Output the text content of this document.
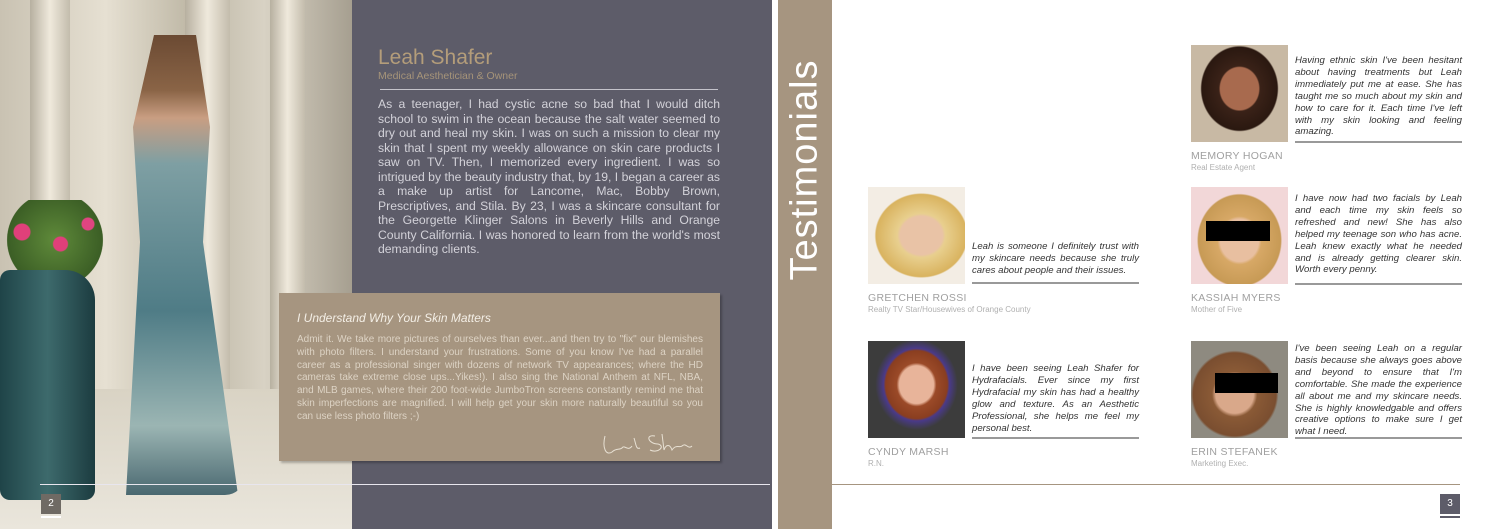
Leah Shafer
Medical Aesthetician & Owner
As a teenager, I had cystic acne so bad that I would ditch school to swim in the ocean because the salt water seemed to dry out and heal my skin. I was on such a mission to clear my skin that I spent my weekly allowance on skin care products I saw on TV. Then, I memorized every ingredient. I was so intrigued by the beauty industry that, by 19, I began a career as a make up artist for Lancome, Mac, Bobby Brown, Prescriptives, and Stila. By 23, I was a skincare consultant for the Georgette Klinger Salons in Beverly Hills and Orange County California. I was honored to learn from the world's most demanding clients.
I Understand Why Your Skin Matters
Admit it. We take more pictures of ourselves than ever...and then try to "fix" our blemishes with photo filters. I understand your frustrations. Some of you know I've had a parallel career as a professional singer with dozens of network TV appearances; where the HD cameras take extreme close ups...Yikes!). I also sing the National Anthem at NFL, NBA, and MLB games, where their 200 foot-wide JumboTron screens constantly remind me that skin imperfections are magnified. I will help get your skin more naturally beautiful so you can use less photo filters ;-)
2
Testimonials	Having ethnic skin I've been hesitant about having treatments but Leah immediately put me at ease. She has taught me so much about my skin and how to care for it. Each time I've left with my skin looking and feeling amazing.
MEMORY HOGAN
Real Estate Agent
Leah is someone I definitely trust with my skincare needs because she truly cares about people and their issues.
GRETCHEN ROSSI
Realty TV Star/Housewives of Orange County
I have now had two facials by Leah and each time my skin feels so refreshed and new! She has also helped my teenage son who has acne. Leah knew exactly what he needed and is already getting clearer skin. Worth every penny.
KASSIAH MYERS
Mother of Five
I have been seeing Leah Shafer for Hydrafacials. Ever since my first Hydrafacial my skin has had a healthy glow and texture. As an Aesthetic Professional, she helps me feel my personal best.
CYNDY MARSH
R.N.
I've been seeing Leah on a regular basis because she always goes above and beyond to ensure that I'm comfortable. She made the experience all about me and my skincare needs. She is highly knowledgable and offers creative options to make sure I get what I need.
ERIN STEFANEK
Marketing Exec.
3
